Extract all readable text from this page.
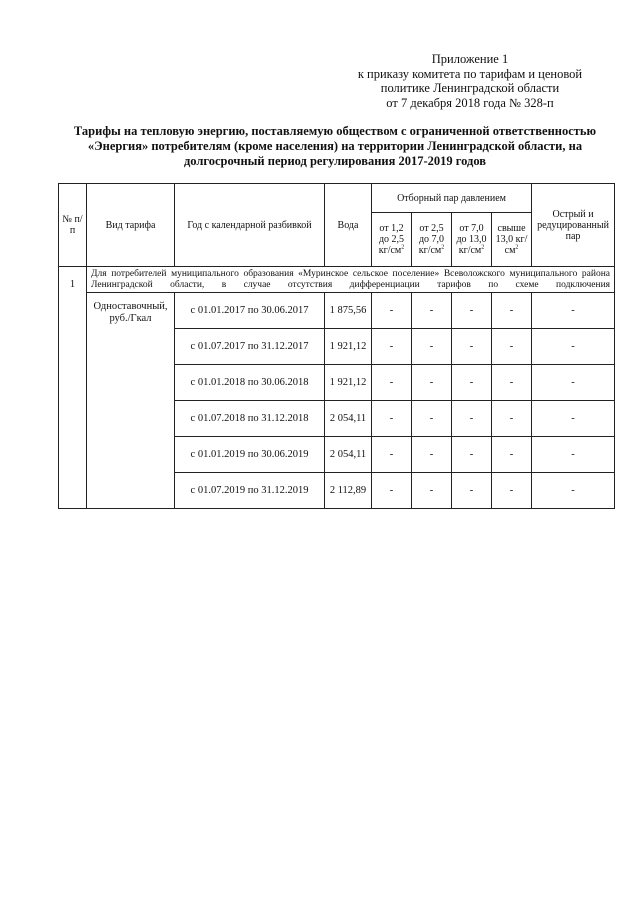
Приложение 1
к приказу комитета по тарифам и ценовой
политике Ленинградской области
от 7 декабря 2018 года № 328-п
Тарифы на тепловую энергию, поставляемую обществом с ограниченной ответственностью
«Энергия» потребителям (кроме населения) на территории Ленинградской области, на
долгосрочный период регулирования 2017-2019 годов
№ п/п	Вид тарифа	Год с календарной разбивкой	Вода	Отборный пар давлением				Острый и редуцированный пар
				от 1,2 до 2,5 $кг/см^2$	от 2,5 до 7,0 $кг/см^2$	от 7,0 до 13,0 $кг/см^2$	свыше 13,0 $кг/см^2$
1	Для потребителей муниципального образования «Муринское сельское поселение» Всеволожского муниципального района Ленинградской области, в случае отсутствия дифференциации тарифов по схеме подключения							
	Одноставочный, руб./Гкал	с 01.01.2017 по 30.06.2017	1 875,56	-	-	-	-	-
		с 01.07.2017 по 31.12.2017	1 921,12	-	-	-	-	-
		с 01.01.2018 по 30.06.2018	1 921,12	-	-	-	-	-
		с 01.07.2018 по 31.12.2018	2 054,11	-	-	-	-	-
		с 01.01.2019 по 30.06.2019	2 054,11	-	-	-	-	-
		с 01.07.2019 по 31.12.2019	2 112,89	-	-	-	-	-
